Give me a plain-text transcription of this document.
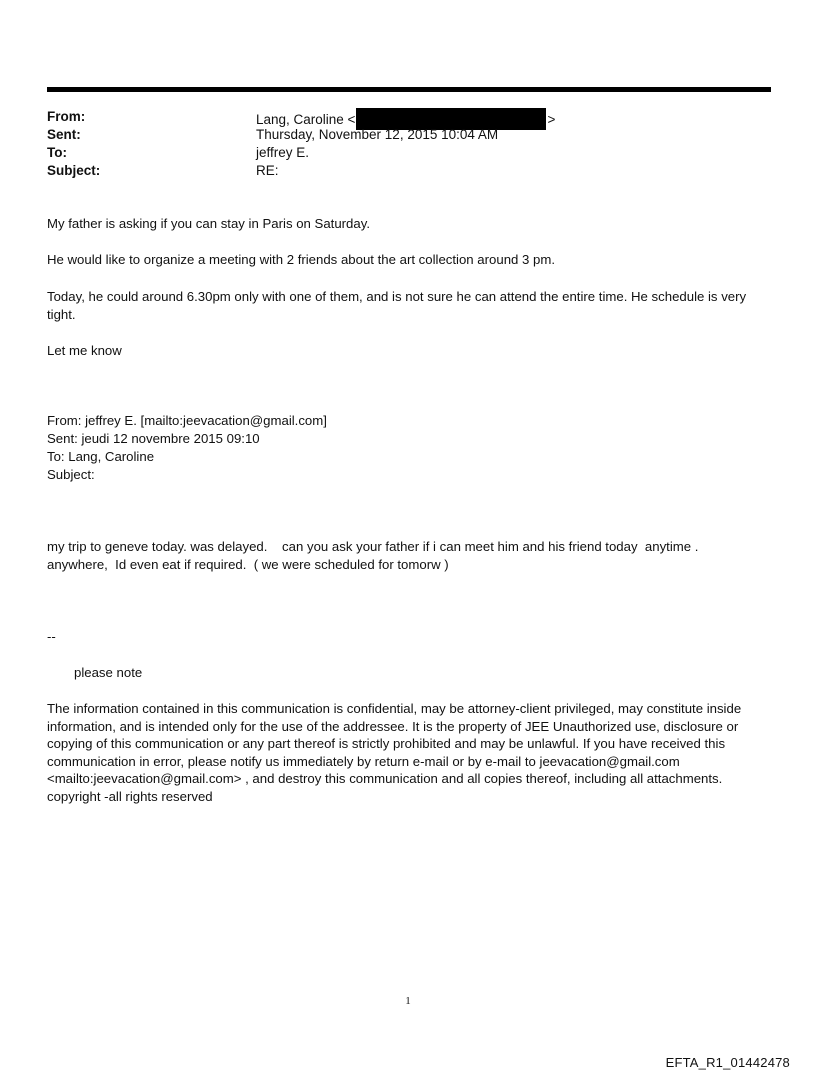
From:	Lang, Caroline <	>
Sent:	Thursday, November 12, 2015 10:04 AM
To:	jeffrey E.
Subject:	RE:
My father is asking if you can stay in Paris on Saturday.
He would like to organize a meeting with 2 friends about the art collection around 3 pm.
Today, he could around 6.30pm only with one of them, and is not sure he can attend the entire time. He schedule is very tight.
Let me know
From: jeffrey E. [mailto:jeevacation@gmail.com]
Sent: jeudi 12 novembre 2015 09:10
To: Lang, Caroline
Subject:
my trip to geneve today. was delayed.    can you ask your father if i can meet him and his friend today  anytime .  anywhere,  Id even eat if required.  ( we were scheduled for tomorw )
--
please note
The information contained in this communication is confidential, may be attorney-client privileged, may constitute inside information, and is intended only for the use of the addressee. It is the property of JEE Unauthorized use, disclosure or copying of this communication or any part thereof is strictly prohibited and may be unlawful. If you have received this communication in error, please notify us immediately by return e-mail or by e-mail to jeevacation@gmail.com <mailto:jeevacation@gmail.com> , and destroy this communication and all copies thereof, including all attachments. copyright -all rights reserved
1
EFTA_R1_01442478
